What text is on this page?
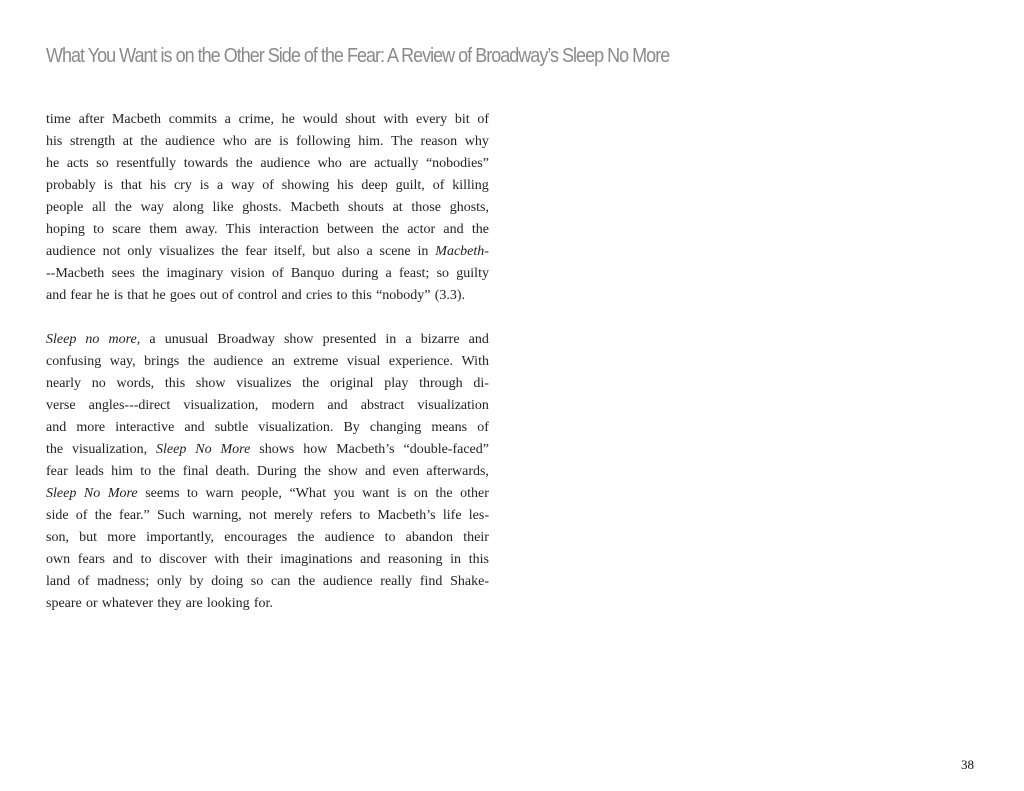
What You Want is on the Other Side of the Fear: A Review of Broadway’s Sleep No More
time after Macbeth commits a crime, he would shout with every bit of
his strength at the audience who are is following him. The reason why
he acts so resentfully towards the audience who are actually “nobodies”
probably is that his cry is a way of showing his deep guilt, of killing
people all the way along like ghosts. Macbeth shouts at those ghosts,
hoping to scare them away. This interaction between the actor and the
audience not only visualizes the fear itself, but also a scene in Macbeth-
--Macbeth sees the imaginary vision of Banquo during a feast; so guilty
and fear he is that he goes out of control and cries to this “nobody” (3.3).
Sleep no more, a unusual Broadway show presented in a bizarre and
confusing way, brings the audience an extreme visual experience. With
nearly no words, this show visualizes the original play through di-
verse angles---direct visualization, modern and abstract visualization
and more interactive and subtle visualization. By changing means of
the visualization, Sleep No More shows how Macbeth’s “double-faced”
fear leads him to the final death. During the show and even afterwards,
Sleep No More seems to warn people, “What you want is on the other
side of the fear.” Such warning, not merely refers to Macbeth’s life les-
son, but more importantly, encourages the audience to abandon their
own fears and to discover with their imaginations and reasoning in this
land of madness; only by doing so can the audience really find Shake-
speare or whatever they are looking for.
38
